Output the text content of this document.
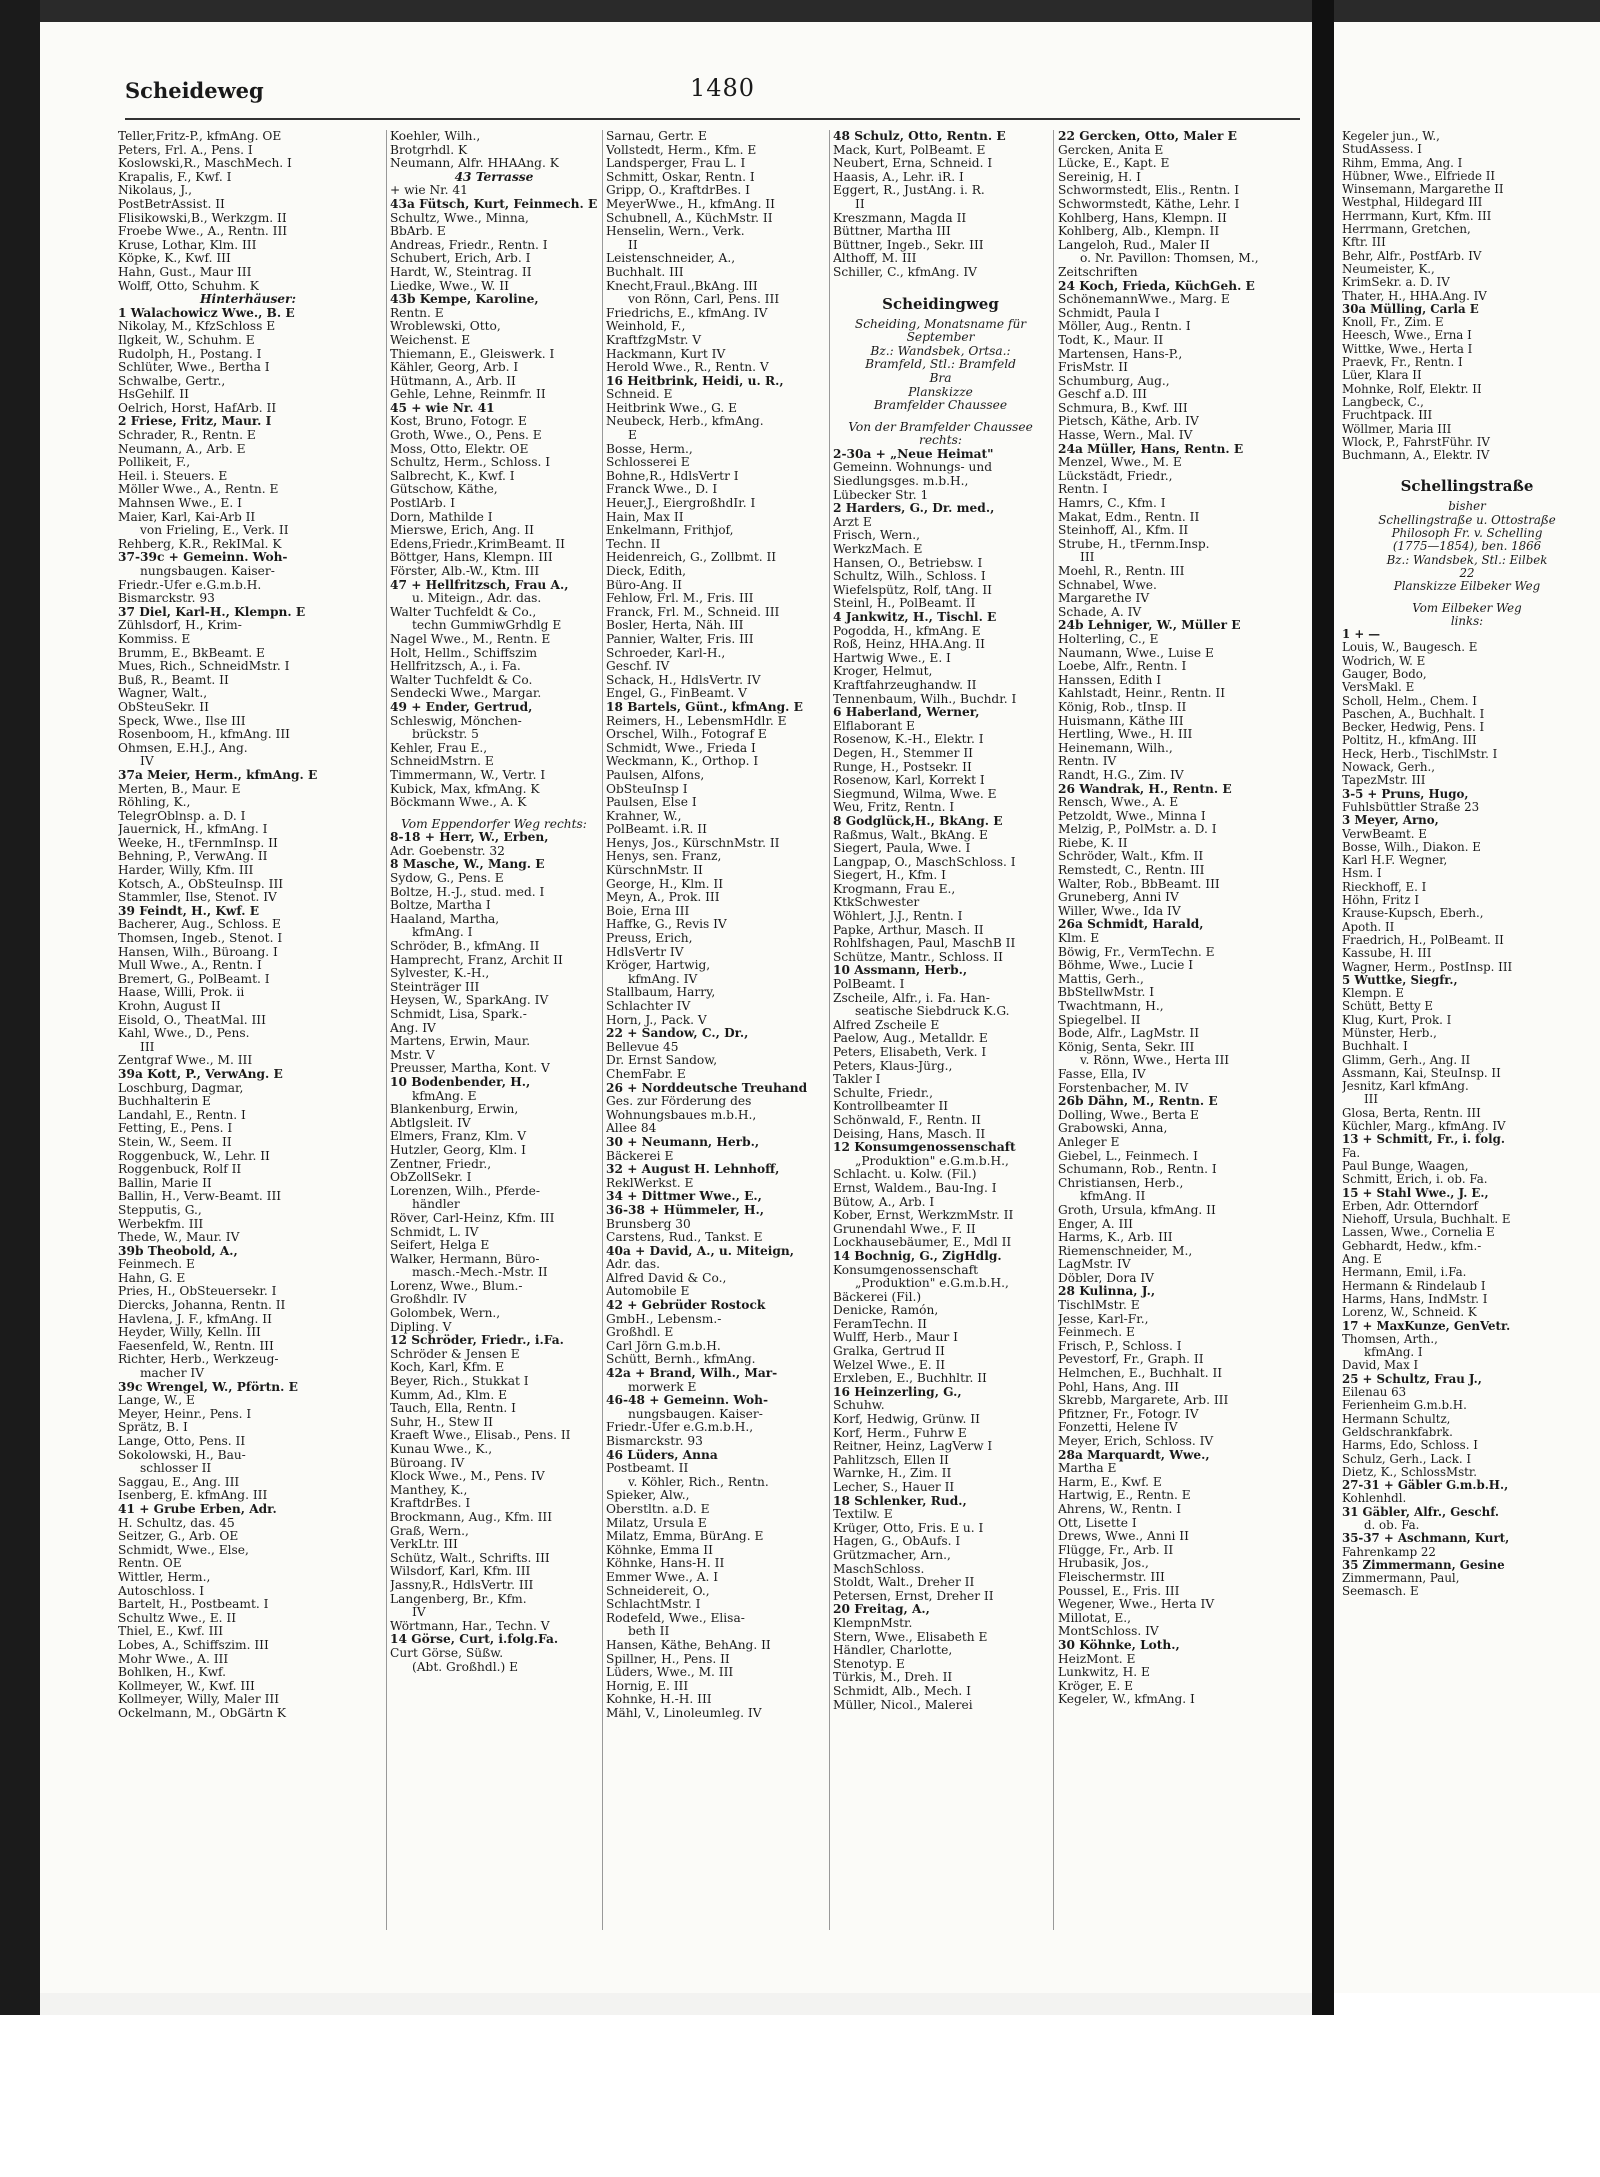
Scheideweg	1480
Teller,Fritz-P., kfmAng. OE
Peters, Frl. A., Pens. I
Koslowski,R., MaschMech. I
Krapalis, F., Kwf. I
Nikolaus, J.,
PostBetrAssist. II
Flisikowski,B., Werkzgm. II
Froebe Wwe., A., Rentn. III
Kruse, Lothar, Klm. III
Köpke, K., Kwf. III
Hahn, Gust., Maur III
Wolff, Otto, Schuhm. K
Hinterhäuser:
1 Walachowicz Wwe., B. E
Nikolay, M., KfzSchloss E
Ilgkeit, W., Schuhm. E
Rudolph, H., Postang. I
Schlüter, Wwe., Bertha I
Schwalbe, Gertr.,
HsGehilf. II
Oelrich, Horst, HafArb. II
2 Friese, Fritz, Maur. I
Schrader, R., Rentn. E
Neumann, A., Arb. E
Pollikeit, F.,
Heil. i. Steuers. E
Möller Wwe., A., Rentn. E
Mahnsen Wwe., E. I
Maier, Karl, Kai-Arb II
von Frieling, E., Verk. II
Rehberg, K.R., RekIMal. K
37-39c + Gemeinn. Woh-
nungsbaugen. Kaiser-
Friedr.-Ufer e.G.m.b.H.
Bismarckstr. 93
37 Diel, Karl-H., Klempn. E
Zühlsdorf, H., Krim-
Kommiss. E
Brumm, E., BkBeamt. E
Mues, Rich., SchneidMstr. I
Buß, R., Beamt. II
Wagner, Walt.,
ObSteuSekr. II
Speck, Wwe., Ilse III
Rosenboom, H., kfmAng. III
Ohmsen, E.H.J., Ang.
IV
37a Meier, Herm., kfmAng. E
Merten, B., Maur. E
Röhling, K.,
TelegrOblnsp. a. D. I
Jauernick, H., kfmAng. I
Weeke, H., tFernmInsp. II
Behning, P., VerwAng. II
Harder, Willy, Kfm. III
Kotsch, A., ObSteuInsp. III
Stammler, Ilse, Stenot. IV
39 Feindt, H., Kwf. E
Bacherer, Aug., Schloss. E
Thomsen, Ingeb., Stenot. I
Hansen, Wilh., Büroang. I
Mull Wwe., A., Rentn. I
Bremert, G., PolBeamt. I
Haase, Willi, Prok. ii
Krohn, August II
Eisold, O., TheatMal. III
Kahl, Wwe., D., Pens.
III
Zentgraf Wwe., M. III
39a Kott, P., VerwAng. E
Loschburg, Dagmar,
Buchhalterin E
Landahl, E., Rentn. I
Fetting, E., Pens. I
Stein, W., Seem. II
Roggenbuck, W., Lehr. II
Roggenbuck, Rolf II
Ballin, Marie II
Ballin, H., Verw-Beamt. III
Stepputis, G.,
Werbekfm. III
Thede, W., Maur. IV
39b Theobold, A.,
Feinmech. E
Hahn, G. E
Pries, H., ObSteuersekr. I
Diercks, Johanna, Rentn. II
Havlena, J. F., kfmAng. II
Heyder, Willy, Kelln. III
Faesenfeld, W., Rentn. III
Richter, Herb., Werkzeug-
macher IV
39c Wrengel, W., Pförtn. E
Lange, W., E
Meyer, Heinr., Pens. I
Sprätz, B. I
Lange, Otto, Pens. II
Sokolowski, H., Bau-
schlosser II
Saggau, E., Ang. III
Isenberg, E. kfmAng. III
41 + Grube Erben, Adr.
H. Schultz, das. 45
Seitzer, G., Arb. OE
Schmidt, Wwe., Else,
Rentn. OE
Wittler, Herm.,
Autoschloss. I
Bartelt, H., Postbeamt. I
Schultz Wwe., E. II
Thiel, E., Kwf. III
Lobes, A., Schiffszim. III
Mohr Wwe., A. III
Bohlken, H., Kwf.
Kollmeyer, W., Kwf. III
Kollmeyer, Willy, Maler III
Ockelmann, M., ObGärtn K
Koehler, Wilh.,
Brotgrhdl. K
Neumann, Alfr. HHAAng. K
43 Terrasse
+ wie Nr. 41
43a Fütsch, Kurt, Feinmech. E
Schultz, Wwe., Minna,
BbArb. E
Andreas, Friedr., Rentn. I
Schubert, Erich, Arb. I
Hardt, W., Steintrag. II
Liedke, Wwe., W. II
43b Kempe, Karoline,
Rentn. E
Wroblewski, Otto,
Weichenst. E
Thiemann, E., Gleiswerk. I
Kähler, Georg, Arb. I
Hütmann, A., Arb. II
Gehle, Lehne, Reinmfr. II
45 + wie Nr. 41
Kost, Bruno, Fotogr. E
Groth, Wwe., O., Pens. E
Moss, Otto, Elektr. OE
Schultz, Herm., Schloss. I
Salbrecht, K., Kwf. I
Gütschow, Käthe,
PostlArb. I
Dorn, Mathilde I
Mierswe, Erich, Ang. II
Edens,Friedr.,KrimBeamt. II
Böttger, Hans, Klempn. III
Förster, Alb.-W., Ktm. III
47 + Hellfritzsch, Frau A.,
u. Miteign., Adr. das.
Walter Tuchfeldt & Co.,
techn GummiwGrhdlg E
Nagel Wwe., M., Rentn. E
Holt, Hellm., Schiffszim
Hellfritzsch, A., i. Fa.
Walter Tuchfeldt & Co.
Sendecki Wwe., Margar.
49 + Ender, Gertrud,
Schleswig, Mönchen-
brückstr. 5
Kehler, Frau E.,
SchneidMstrn. E
Timmermann, W., Vertr. I
Kubick, Max, kfmAng. K
Böckmann Wwe., A. K
Vom Eppendorfer Weg rechts:
8-18 + Herr, W., Erben,
Adr. Goebenstr. 32
8 Masche, W., Mang. E
Sydow, G., Pens. E
Boltze, H.-J., stud. med. I
Boltze, Martha I
Haaland, Martha,
kfmAng. I
Schröder, B., kfmAng. II
Hamprecht, Franz, Archit II
Sylvester, K.-H.,
Steinträger III
Heysen, W., SparkAng. IV
Schmidt, Lisa, Spark.-
Ang. IV
Martens, Erwin, Maur.
Mstr. V
Preusser, Martha, Kont. V
10 Bodenbender, H.,
kfmAng. E
Blankenburg, Erwin,
Abtlgsleit. IV
Elmers, Franz, Klm. V
Hutzler, Georg, Klm. I
Zentner, Friedr.,
ObZollSekr. I
Lorenzen, Wilh., Pferde-
händler
Röver, Carl-Heinz, Kfm. III
Schmidt, L. IV
Seifert, Helga E
Walker, Hermann, Büro-
masch.-Mech.-Mstr. II
Lorenz, Wwe., Blum.-
Großhdlr. IV
Golombek, Wern.,
Dipling. V
12 Schröder, Friedr., i.Fa.
Schröder & Jensen E
Koch, Karl, Kfm. E
Beyer, Rich., Stukkat I
Kumm, Ad., Klm. E
Tauch, Ella, Rentn. I
Suhr, H., Stew II
Kraeft Wwe., Elisab., Pens. II
Kunau Wwe., K.,
Büroang. IV
Klock Wwe., M., Pens. IV
Manthey, K.,
KraftdrBes. I
Brockmann, Aug., Kfm. III
Graß, Wern.,
VerkLtr. III
Schütz, Walt., Schrifts. III
Wilsdorf, Karl, Kfm. III
Jassny,R., HdlsVertr. III
Langenberg, Br., Kfm.
IV
Wörtmann, Har., Techn. V
14 Görse, Curt, i.folg.Fa.
Curt Görse, Süßw.
(Abt. Großhdl.) E
Sarnau, Gertr. E
Vollstedt, Herm., Kfm. E
Landsperger, Frau L. I
Schmitt, Oskar, Rentn. I
Gripp, O., KraftdrBes. I
MeyerWwe., H., kfmAng. II
Schubnell, A., KüchMstr. II
Henselin, Wern., Verk.
II
Leistenschneider, A.,
Buchhalt. III
Knecht,Fraul.,BkAng. III
von Rönn, Carl, Pens. III
Friedrichs, E., kfmAng. IV
Weinhold, F.,
KraftfzgMstr. V
Hackmann, Kurt IV
Herold Wwe., R., Rentn. V
16 Heitbrink, Heidi, u. R.,
Schneid. E
Heitbrink Wwe., G. E
Neubeck, Herb., kfmAng.
E
Bosse, Herm.,
Schlosserei E
Bohne,R., HdlsVertr I
Franck Wwe., D. I
Heuer,J., EiergroßhdIr. I
Hain, Max II
Enkelmann, Frithjof,
Techn. II
Heidenreich, G., Zollbmt. II
Dieck, Edith,
Büro-Ang. II
Fehlow, Frl. M., Fris. III
Franck, Frl. M., Schneid. III
Bosler, Herta, Näh. III
Pannier, Walter, Fris. III
Schroeder, Karl-H.,
Geschf. IV
Schack, H., HdlsVertr. IV
Engel, G., FinBeamt. V
18 Bartels, Günt., kfmAng. E
Reimers, H., LebensmHdlr. E
Orschel, Wilh., Fotograf E
Schmidt, Wwe., Frieda I
Weckmann, K., Orthop. I
Paulsen, Alfons,
ObSteuInsp I
Paulsen, Else I
Krahner, W.,
PolBeamt. i.R. II
Henys, Jos., KürschnMstr. II
Henys, sen. Franz,
KürschnMstr. II
George, H., Klm. II
Meyn, A., Prok. III
Boie, Erna III
Haffke, G., Revis IV
Preuss, Erich,
HdlsVertr IV
Kröger, Hartwig,
kfmAng. IV
Stallbaum, Harry,
Schlachter IV
Horn, J., Pack. V
22 + Sandow, C., Dr.,
Bellevue 45
Dr. Ernst Sandow,
ChemFabr. E
26 + Norddeutsche Treuhand
Ges. zur Förderung des
Wohnungsbaues m.b.H.,
Allee 84
30 + Neumann, Herb.,
Bäckerei E
32 + August H. Lehnhoff,
ReklWerkst. E
34 + Dittmer Wwe., E.,
36-38 + Hümmeler, H.,
Brunsberg 30
Carstens, Rud., Tankst. E
40a + David, A., u. Miteign,
Adr. das.
Alfred David & Co.,
Automobile E
42 + Gebrüder Rostock
GmbH., Lebensm.-
Großhdl. E
Carl Jörn G.m.b.H.
Schütt, Bernh., kfmAng.
42a + Brand, Wilh., Mar-
morwerk E
46-48 + Gemeinn. Woh-
nungsbaugen. Kaiser-
Friedr.-Ufer e.G.m.b.H.,
Bismarckstr. 93
46 Lüders, Anna
Postbeamt. II
v. Köhler, Rich., Rentn.
Spieker, Alw.,
Oberstltn. a.D. E
Milatz, Ursula E
Milatz, Emma, BürAng. E
Köhnke, Emma II
Köhnke, Hans-H. II
Emmer Wwe., A. I
Schneidereit, O.,
SchlachtMstr. I
Rodefeld, Wwe., Elisa-
beth II
Hansen, Käthe, BehAng. II
Spillner, H., Pens. II
Lüders, Wwe., M. III
Hornig, E. III
Kohnke, H.-H. III
Mähl, V., Linoleumleg. IV
48 Schulz, Otto, Rentn. E
Mack, Kurt, PolBeamt. E
Neubert, Erna, Schneid. I
Haasis, A., Lehr. iR. I
Eggert, R., JustAng. i. R.
II
Kreszmann, Magda II
Büttner, Martha III
Büttner, Ingeb., Sekr. III
Althoff, M. III
Schiller, C., kfmAng. IV
Scheidingweg
Scheiding, Monatsname für
September
Bz.: Wandsbek, Ortsa.:
Bramfeld, Stl.: Bramfeld
Bra
Planskizze
Bramfelder Chaussee
Von der Bramfelder Chaussee
rechts:
2-30a + „Neue Heimat"
Gemeinn. Wohnungs- und
Siedlungsges. m.b.H.,
Lübecker Str. 1
2 Harders, G., Dr. med.,
Arzt E
Frisch, Wern.,
WerkzMach. E
Hansen, O., Betriebsw. I
Schultz, Wilh., Schloss. I
Wiefelspütz, Rolf, tAng. II
Steinl, H., PolBeamt. II
4 Jankwitz, H., Tischl. E
Pogodda, H., kfmAng. E
Roß, Heinz, HHA.Ang. II
Hartwig Wwe., E. I
Kroger, Helmut,
Kraftfahrzeughandw. II
Tennenbaum, Wilh., Buchdr. I
6 Haberland, Werner,
Elflaborant E
Rosenow, K.-H., Elektr. I
Degen, H., Stemmer II
Runge, H., Postsekr. II
Rosenow, Karl, Korrekt I
Siegmund, Wilma, Wwe. E
Weu, Fritz, Rentn. I
8 Godglück,H., BkAng. E
Raßmus, Walt., BkAng. E
Siegert, Paula, Wwe. I
Langpap, O., MaschSchloss. I
Siegert, H., Kfm. I
Krogmann, Frau E.,
KtkSchwester
Wöhlert, J.J., Rentn. I
Papke, Arthur, Masch. II
Rohlfshagen, Paul, MaschB II
Schütze, Mantr., Schloss. II
10 Assmann, Herb.,
PolBeamt. I
Zscheile, Alfr., i. Fa. Han-
seatische Siebdruck K.G.
Alfred Zscheile E
Paelow, Aug., Metalldr. E
Peters, Elisabeth, Verk. I
Peters, Klaus-Jürg.,
Takler I
Schulte, Friedr.,
Kontrollbeamter II
Schönwald, F., Rentn. II
Deising, Hans, Masch. II
12 Konsumgenossenschaft
„Produktion" e.G.m.b.H.,
Schlacht. u. Kolw. (Fil.)
Ernst, Waldem., Bau-Ing. I
Bütow, A., Arb. I
Kober, Ernst, WerkzmMstr. II
Grunendahl Wwe., F. II
Lockhausebäumer, E., Mdl II
14 Bochnig, G., ZigHdlg.
Konsumgenossenschaft
„Produktion" e.G.m.b.H.,
Bäckerei (Fil.)
Denicke, Ramón,
FeramTechn. II
Wulff, Herb., Maur I
Gralka, Gertrud II
Welzel Wwe., E. II
Erxleben, E., Buchhltr. II
16 Heinzerling, G.,
Schuhw.
Korf, Hedwig, Grünw. II
Korf, Herm., Fuhrw E
Reitner, Heinz, LagVerw I
Pahlitzsch, Ellen II
Warnke, H., Zim. II
Lecher, S., Hauer II
18 Schlenker, Rud.,
Textilw. E
Krüger, Otto, Fris. E u. I
Hagen, G., ObAufs. I
Grützmacher, Arn.,
MaschSchloss.
Stoldt, Walt., Dreher II
Petersen, Ernst, Dreher II
20 Freitag, A.,
KlempnMstr.
Stern, Wwe., Elisabeth E
Händler, Charlotte,
Stenotyp. E
Türkis, M., Dreh. II
Schmidt, Alb., Mech. I
Müller, Nicol., Malerei
22 Gercken, Otto, Maler E
Gercken, Anita E
Lücke, E., Kapt. E
Sereinig, H. I
Schwormstedt, Elis., Rentn. I
Schwormstedt, Käthe, Lehr. I
Kohlberg, Hans, Klempn. II
Kohlberg, Alb., Klempn. II
Langeloh, Rud., Maler II
o. Nr. Pavillon: Thomsen, M.,
Zeitschriften
24 Koch, Frieda, KüchGeh. E
SchönemannWwe., Marg. E
Schmidt, Paula I
Möller, Aug., Rentn. I
Todt, K., Maur. II
Martensen, Hans-P.,
FrisMstr. II
Schumburg, Aug.,
Geschf a.D. III
Schmura, B., Kwf. III
Pietsch, Käthe, Arb. IV
Hasse, Wern., Mal. IV
24a Müller, Hans, Rentn. E
Menzel, Wwe., M. E
Lückstädt, Friedr.,
Rentn. I
Hamrs, C., Kfm. I
Makat, Edm., Rentn. II
Steinhoff, Al., Kfm. II
Strube, H., tFernm.Insp.
III
Moehl, R., Rentn. III
Schnabel, Wwe.
Margarethe IV
Schade, A. IV
24b Lehniger, W., Müller E
Holterling, C., E
Naumann, Wwe., Luise E
Loebe, Alfr., Rentn. I
Hanssen, Edith I
Kahlstadt, Heinr., Rentn. II
König, Rob., tInsp. II
Huismann, Käthe III
Hertling, Wwe., H. III
Heinemann, Wilh.,
Rentn. IV
Randt, H.G., Zim. IV
26 Wandrak, H., Rentn. E
Rensch, Wwe., A. E
Petzoldt, Wwe., Minna I
Melzig, P., PolMstr. a. D. I
Riebe, K. II
Schröder, Walt., Kfm. II
Remstedt, C., Rentn. III
Walter, Rob., BbBeamt. III
Gruneberg, Anni IV
Willer, Wwe., Ida IV
26a Schmidt, Harald,
Klm. E
Böwig, Fr., VermTechn. E
Böhme, Wwe., Lucie I
Mattis, Gerh.,
BbStellwMstr. I
Twachtmann, H.,
Spiegelbel. II
Bode, Alfr., LagMstr. II
König, Senta, Sekr. III
v. Rönn, Wwe., Herta III
Fasse, Ella, IV
Forstenbacher, M. IV
26b Dähn, M., Rentn. E
Dolling, Wwe., Berta E
Grabowski, Anna,
Anleger E
Giebel, L., Feinmech. I
Schumann, Rob., Rentn. I
Christiansen, Herb.,
kfmAng. II
Groth, Ursula, kfmAng. II
Enger, A. III
Harms, K., Arb. III
Riemenschneider, M.,
LagMstr. IV
Döbler, Dora IV
28 Kulinna, J.,
TischlMstr. E
Jesse, Karl-Fr.,
Feinmech. E
Frisch, P., Schloss. I
Pevestorf, Fr., Graph. II
Helmchen, E., Buchhalt. II
Pohl, Hans, Ang. III
Skrebb, Margarete, Arb. III
Pfitzner, Fr., Fotogr. IV
Fonzetti, Helene IV
Meyer, Erich, Schloss. IV
28a Marquardt, Wwe.,
Martha E
Harm, E., Kwf. E
Hartwig, E., Rentn. E
Ahrens, W., Rentn. I
Ott, Lisette I
Drews, Wwe., Anni II
Flügge, Fr., Arb. II
Hrubasik, Jos.,
Fleischermstr. III
Poussel, E., Fris. III
Wegener, Wwe., Herta IV
Millotat, E.,
MontSchloss. IV
30 Köhnke, Loth.,
HeizMont. E
Lunkwitz, H. E
Kröger, E. E
Kegeler, W., kfmAng. I
Kegeler jun., W.,
StudAssess. I
Rihm, Emma, Ang. I
Hübner, Wwe., Elfriede II
Winsemann, Margarethe II
Westphal, Hildegard III
Herrmann, Kurt, Kfm. III
Herrmann, Gretchen,
Kftr. III
Behr, Alfr., PostfArb. IV
Neumeister, K.,
KrimSekr. a. D. IV
Thater, H., HHA.Ang. IV
30a Mülling, Carla E
Knoll, Fr., Zim. E
Heesch, Wwe., Erna I
Wittke, Wwe., Herta I
Praevk, Fr., Rentn. I
Lüer, Klara II
Mohnke, Rolf, Elektr. II
Langbeck, C.,
Fruchtpack. III
Wöllmer, Maria III
Wlock, P., FahrstFühr. IV
Buchmann, A., Elektr. IV
Schellingstraße
bisher
Schellingstraße u. Ottostraße
Philosoph Fr. v. Schelling
(1775—1854), ben. 1866
Bz.: Wandsbek, Stl.: Eilbek
22
Planskizze Eilbeker Weg
Vom Eilbeker Weg
links:
1 + —
Louis, W., Baugesch. E
Wodrich, W. E
Gauger, Bodo,
VersMakl. E
Scholl, Helm., Chem. I
Paschen, A., Buchhalt. I
Becker, Hedwig, Pens. I
Poltitz, H., kfmAng. III
Heck, Herb., TischlMstr. I
Nowack, Gerh.,
TapezMstr. III
3-5 + Pruns, Hugo,
Fuhlsbüttler Straße 23
3 Meyer, Arno,
VerwBeamt. E
Bosse, Wilh., Diakon. E
Karl H.F. Wegner,
Hsm. I
Rieckhoff, E. I
Höhn, Fritz I
Krause-Kupsch, Eberh.,
Apoth. II
Fraedrich, H., PolBeamt. II
Kassube, H. III
Wagner, Herm., PostInsp. III
5 Wuttke, Siegfr.,
Klempn. E
Schütt, Betty E
Klug, Kurt, Prok. I
Münster, Herb.,
Buchhalt. I
Glimm, Gerh., Ang. II
Assmann, Kai, SteuInsp. II
Jesnitz, Karl kfmAng.
III
Glosa, Berta, Rentn. III
Küchler, Marg., kfmAng. IV
13 + Schmitt, Fr., i. folg.
Fa.
Paul Bunge, Waagen,
Schmitt, Erich, i. ob. Fa.
15 + Stahl Wwe., J. E.,
Erben, Adr. Otterndorf
Niehoff, Ursula, Buchhalt. E
Lassen, Wwe., Cornelia E
Gebhardt, Hedw., kfm.-
Ang. E
Hermann, Emil, i.Fa.
Hermann & Rindelaub I
Harms, Hans, IndMstr. I
Lorenz, W., Schneid. K
17 + MaxKunze, GenVetr.
Thomsen, Arth.,
kfmAng. I
David, Max I
25 + Schultz, Frau J.,
Eilenau 63
Ferienheim G.m.b.H.
Hermann Schultz,
Geldschrankfabrk.
Harms, Edo, Schloss. I
Schulz, Gerh., Lack. I
Dietz, K., SchlossMstr.
27-31 + Gäbler G.m.b.H.,
Kohlenhdl.
31 Gäbler, Alfr., Geschf.
d. ob. Fa.
35-37 + Aschmann, Kurt,
Fahrenkamp 22
35 Zimmermann, Gesine
Zimmermann, Paul,
Seemasch. E
